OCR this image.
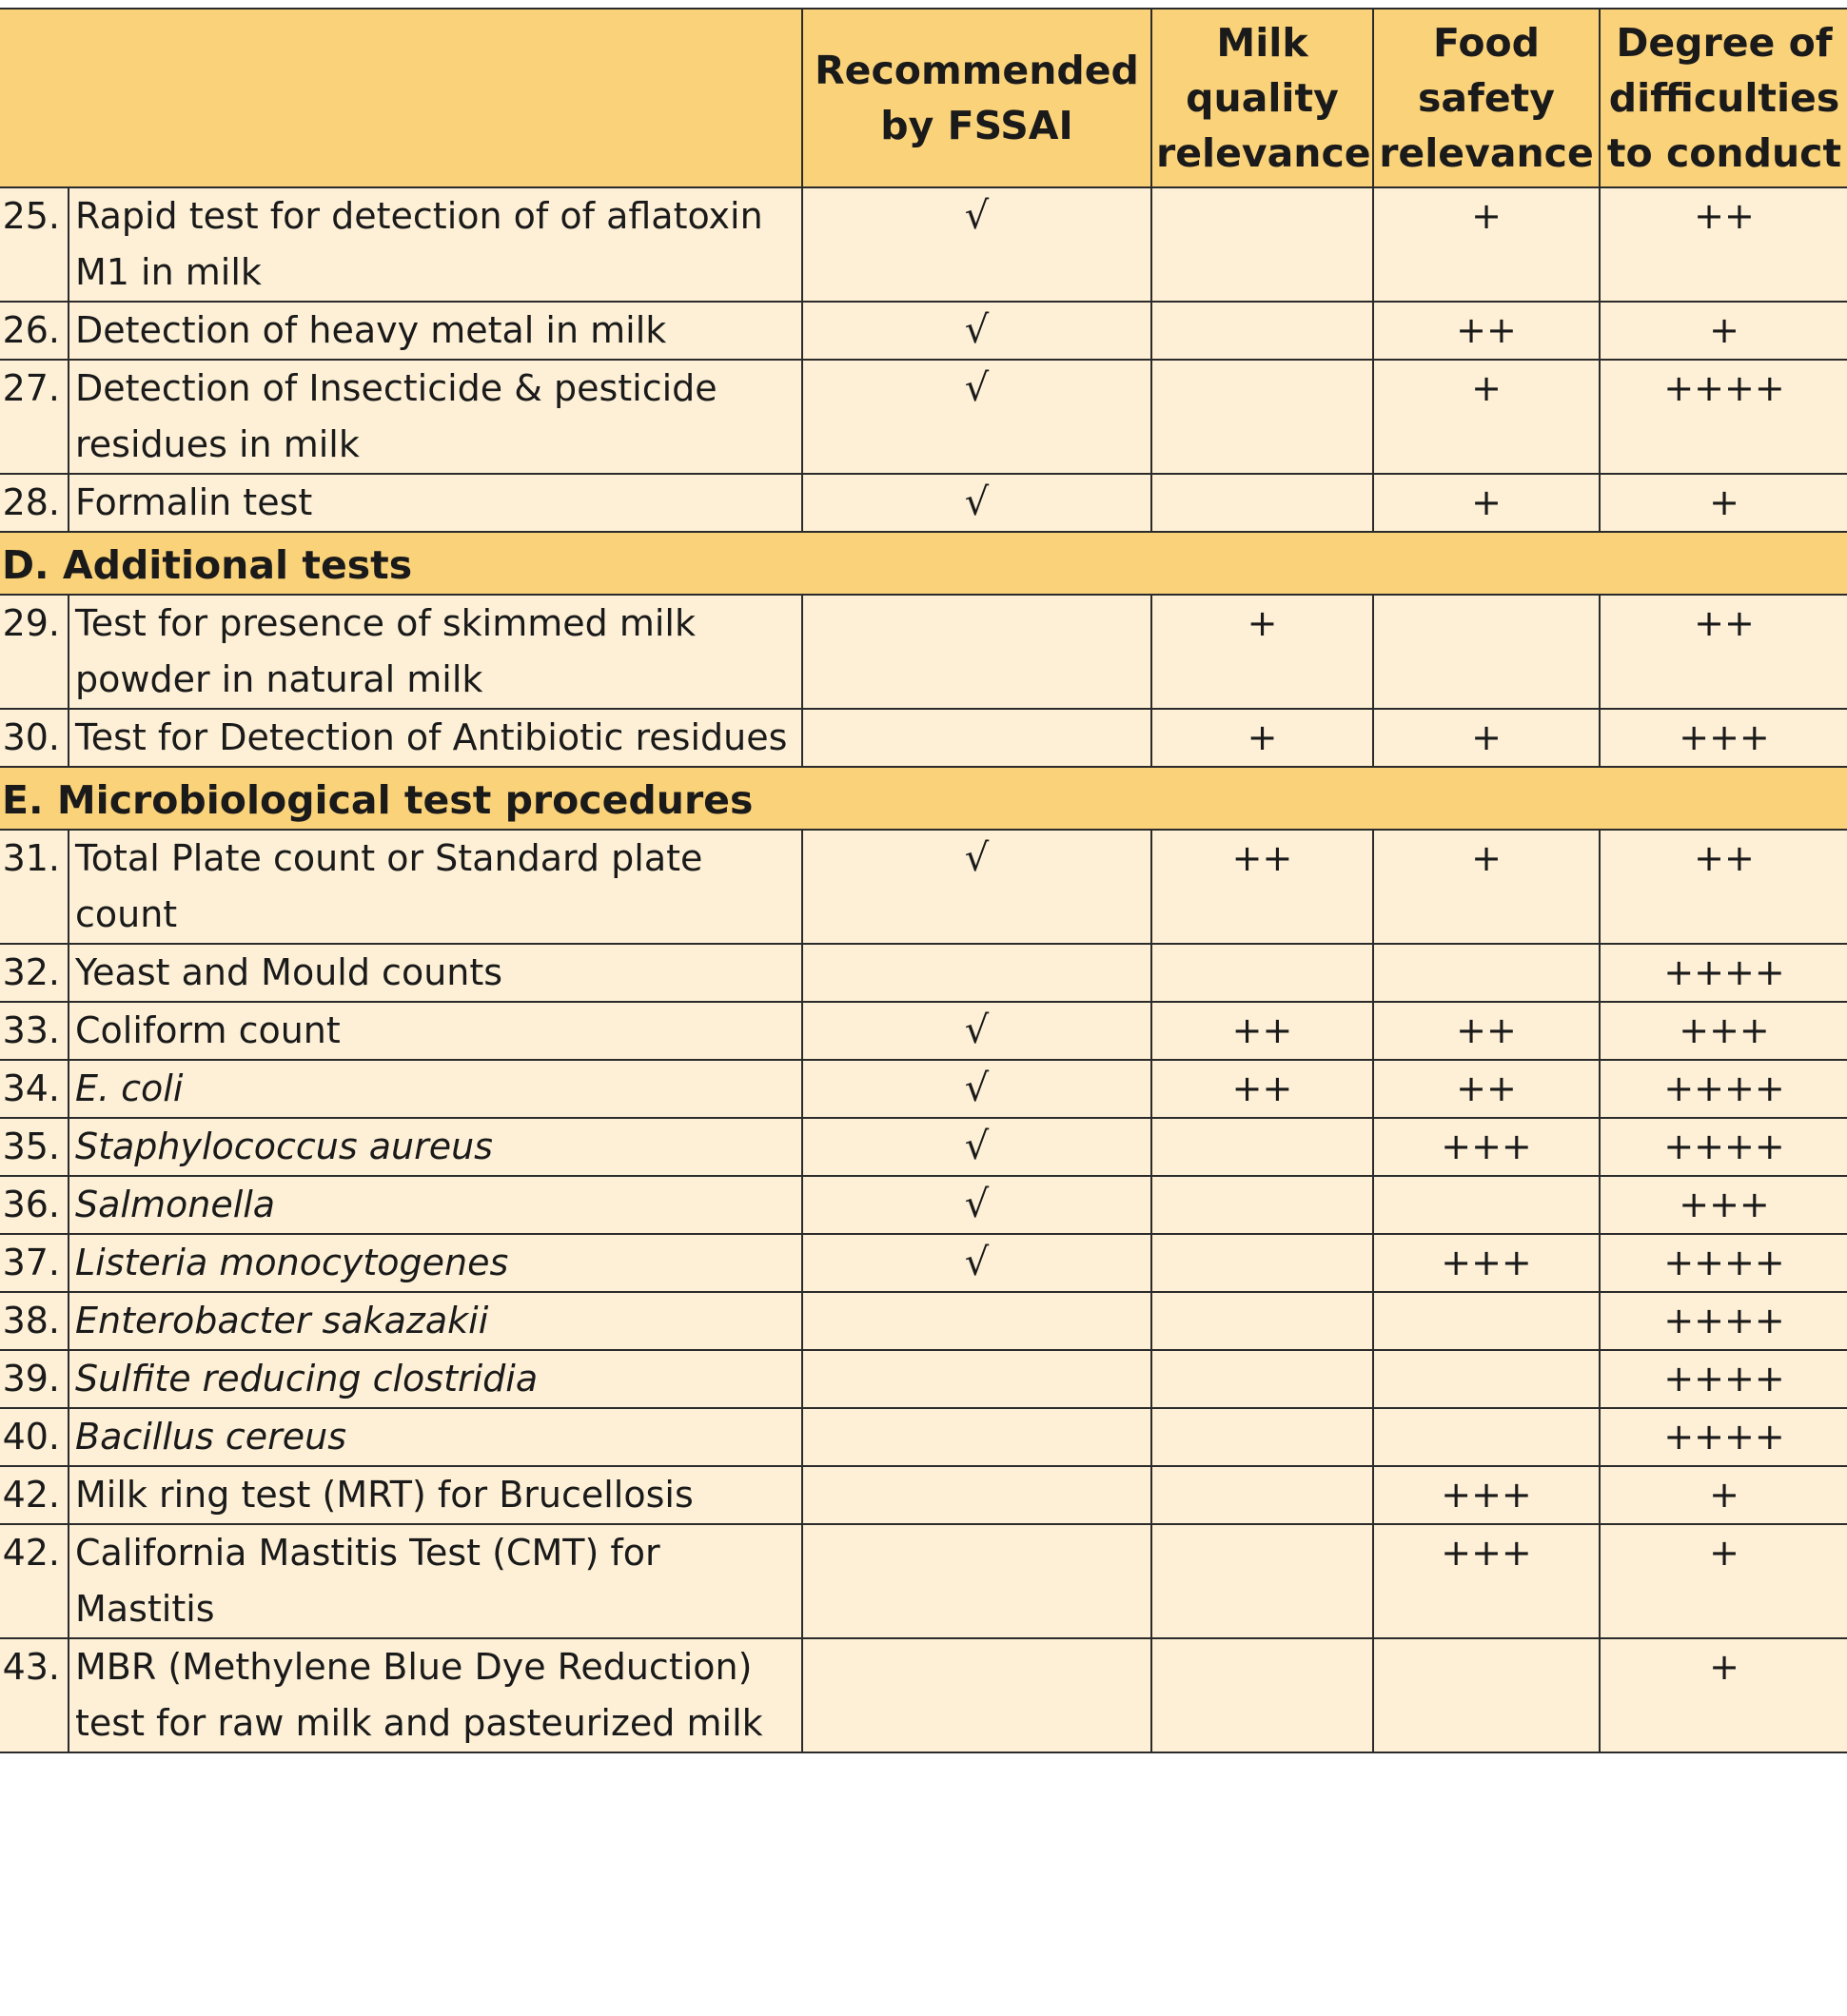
		Recommended by FSSAI	Milk quality relevance	Food safety relevance	Degree of difficulties to conduct
25.	Rapid test for detection of of aflatoxin M1 in milk	√		+	++
26.	Detection of heavy metal in milk	√		++	+
27.	Detection of Insecticide & pesticide residues in milk	√		+	++++
28.	Formalin test	√		+	+
D. Additional tests					
29.	Test for presence of skimmed milk powder in natural milk		+		++
30.	Test for Detection of Antibiotic residues		+	+	+++
E. Microbiological test procedures					
31.	Total Plate count or Standard plate count	√	++	+	++
32.	Yeast and Mould counts				++++
33.	Coliform count	√	++	++	+++
34.	E. coli	√	++	++	++++
35.	Staphylococcus aureus	√		+++	++++
36.	Salmonella	√			+++
37.	Listeria monocytogenes	√		+++	++++
38.	Enterobacter sakazakii				++++
39.	Sulfite reducing clostridia				++++
40.	Bacillus cereus				++++
42.	Milk ring test (MRT) for Brucellosis			+++	+
42.	California Mastitis Test (CMT) for Mastitis			+++	+
43.	MBR (Methylene Blue Dye Reduction) test for raw milk and pasteurized milk				+
